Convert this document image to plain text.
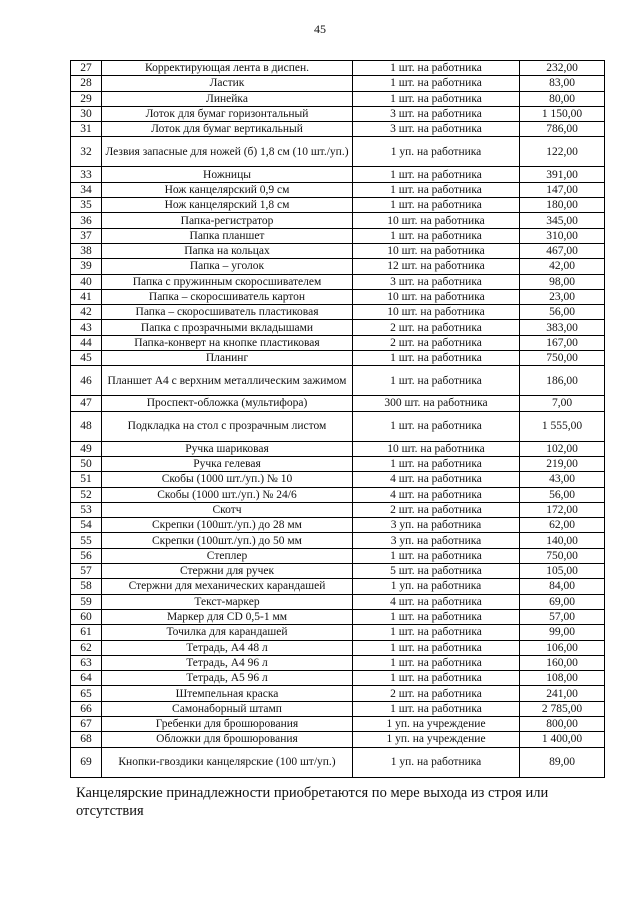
45
27	Корректирующая лента в диспен.	1 шт. на работника	232,00
28	Ластик	1 шт. на работника	83,00
29	Линейка	1 шт. на работника	80,00
30	Лоток для бумаг горизонтальный	3 шт. на работника	1 150,00
31	Лоток для бумаг вертикальный	3 шт. на работника	786,00
32	Лезвия запасные для ножей (б) 1,8 см (10 шт./уп.)	1 уп. на работника	122,00
33	Ножницы	1 шт. на работника	391,00
34	Нож канцелярский 0,9 см	1 шт. на работника	147,00
35	Нож канцелярский 1,8 см	1 шт. на работника	180,00
36	Папка-регистратор	10 шт. на работника	345,00
37	Папка планшет	1 шт. на работника	310,00
38	Папка на кольцах	10 шт. на работника	467,00
39	Папка – уголок	12 шт. на работника	42,00
40	Папка с пружинным скоросшивателем	3 шт. на работника	98,00
41	Папка – скоросшиватель картон	10 шт. на работника	23,00
42	Папка – скоросшиватель пластиковая	10 шт. на работника	56,00
43	Папка с прозрачными вкладышами	2 шт. на работника	383,00
44	Папка-конверт на кнопке пластиковая	2 шт. на работника	167,00
45	Планинг	1 шт. на работника	750,00
46	Планшет А4 с верхним металлическим зажимом	1 шт. на работника	186,00
47	Проспект-обложка (мультифора)	300 шт. на работника	7,00
48	Подкладка на стол с прозрачным листом	1 шт. на работника	1 555,00
49	Ручка шариковая	10 шт. на работника	102,00
50	Ручка гелевая	1 шт. на работника	219,00
51	Скобы (1000 шт./уп.) № 10	4 шт. на работника	43,00
52	Скобы (1000 шт./уп.) № 24/6	4 шт. на работника	56,00
53	Скотч	2 шт. на работника	172,00
54	Скрепки (100шт./уп.) до 28 мм	3 уп. на работника	62,00
55	Скрепки (100шт./уп.) до 50 мм	3 уп. на работника	140,00
56	Степлер	1 шт. на работника	750,00
57	Стержни для ручек	5 шт. на работника	105,00
58	Стержни для механических карандашей	1 уп. на работника	84,00
59	Текст-маркер	4 шт. на работника	69,00
60	Маркер для CD 0,5-1 мм	1 шт. на работника	57,00
61	Точилка для карандашей	1 шт. на работника	99,00
62	Тетрадь, А4 48 л	1 шт. на работника	106,00
63	Тетрадь, А4 96 л	1 шт. на работника	160,00
64	Тетрадь, А5 96 л	1 шт. на работника	108,00
65	Штемпельная краска	2 шт. на работника	241,00
66	Самонаборный штамп	1 шт. на работника	2 785,00
67	Гребенки для брошюрования	1 уп. на учреждение	800,00
68	Обложки для брошюрования	1 уп. на учреждение	1 400,00
69	Кнопки-гвоздики канцелярские (100 шт/уп.)	1 уп. на работника	89,00
Канцелярские принадлежности приобретаются по мере выхода из строя или отсутствия
